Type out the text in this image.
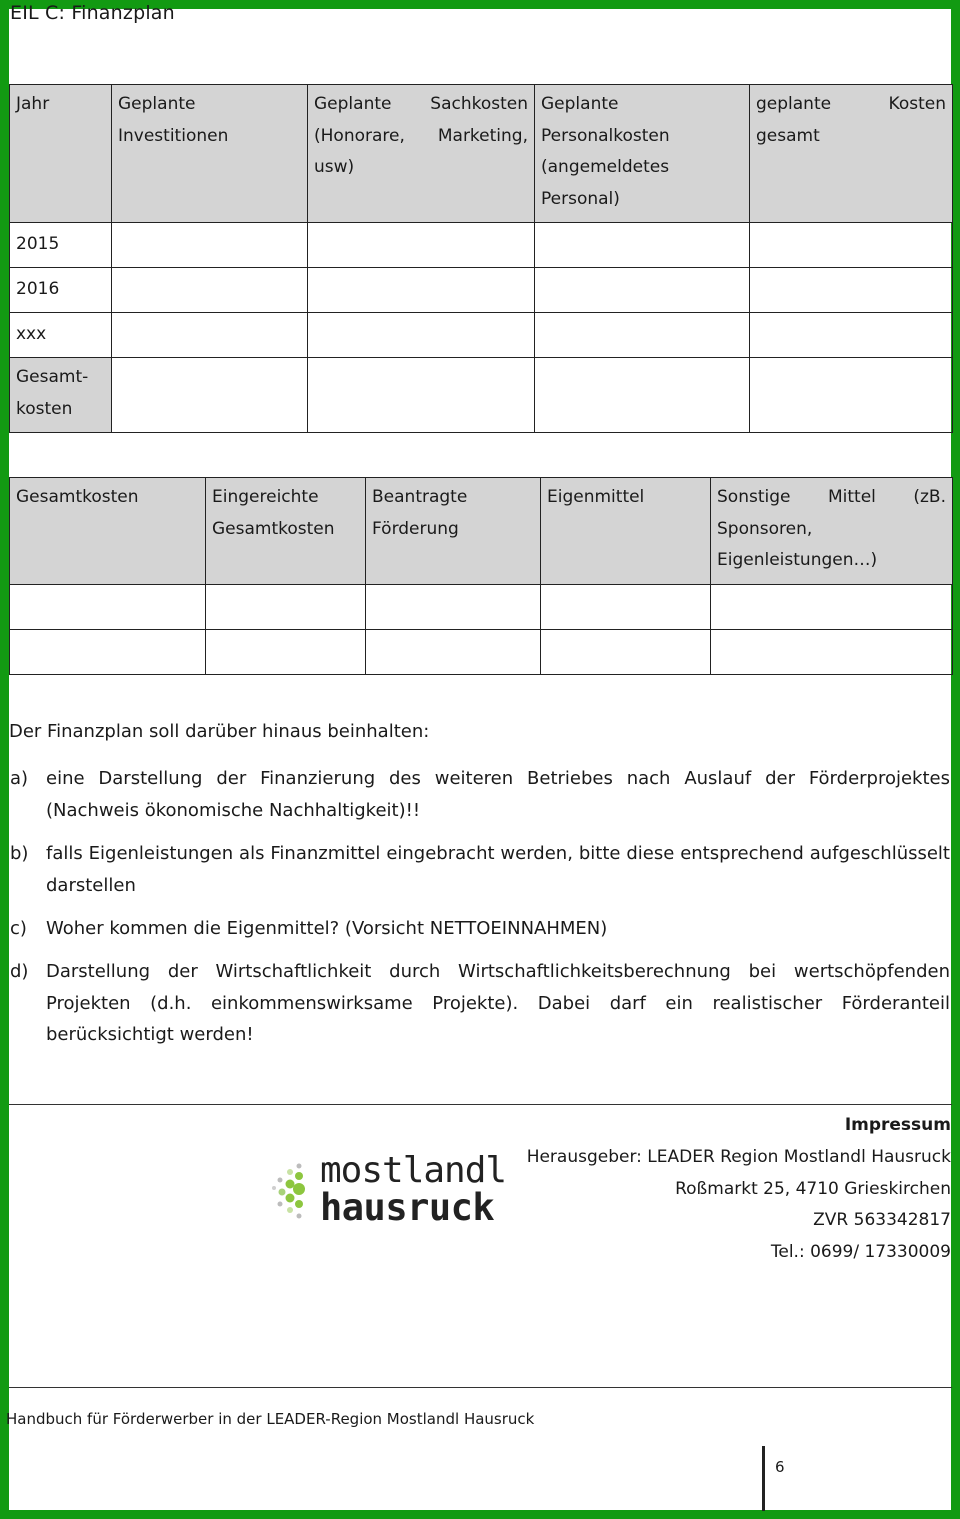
EIL C: Finanzplan
Jahr	Geplante Investitionen	Geplante Sachkosten (Honorare, Marketing, usw)	Geplante Personalkosten (angemeldetes Personal)	geplante Kosten gesamt
2015				
2016				
xxx				
Gesamt-kosten				
Gesamtkosten	Eingereichte Gesamtkosten	Beantragte Förderung	Eigenmittel	Sonstige Mittel (zB. Sponsoren, Eigenleistungen…)

Der Finanzplan soll darüber hinaus beinhalten:
a) eine Darstellung der Finanzierung des weiteren Betriebes nach Auslauf der Förderprojektes (Nachweis ökonomische Nachhaltigkeit)!!
b) falls Eigenleistungen als Finanzmittel eingebracht werden, bitte diese entsprechend aufgeschlüsselt darstellen
c) Woher kommen die Eigenmittel? (Vorsicht NETTOEINNAHMEN)
d) Darstellung der Wirtschaftlichkeit durch Wirtschaftlichkeitsberechnung bei wertschöpfenden Projekten (d.h. einkommenswirksame Projekte). Dabei darf ein realistischer Förderanteil berücksichtigt werden!
mostlandl
hausruck
Impressum
Herausgeber: LEADER Region Mostlandl Hausruck
Roßmarkt 25, 4710 Grieskirchen
ZVR 563342817
Tel.: 0699/ 17330009
Handbuch für Förderwerber in der LEADER-Region Mostlandl Hausruck
6
